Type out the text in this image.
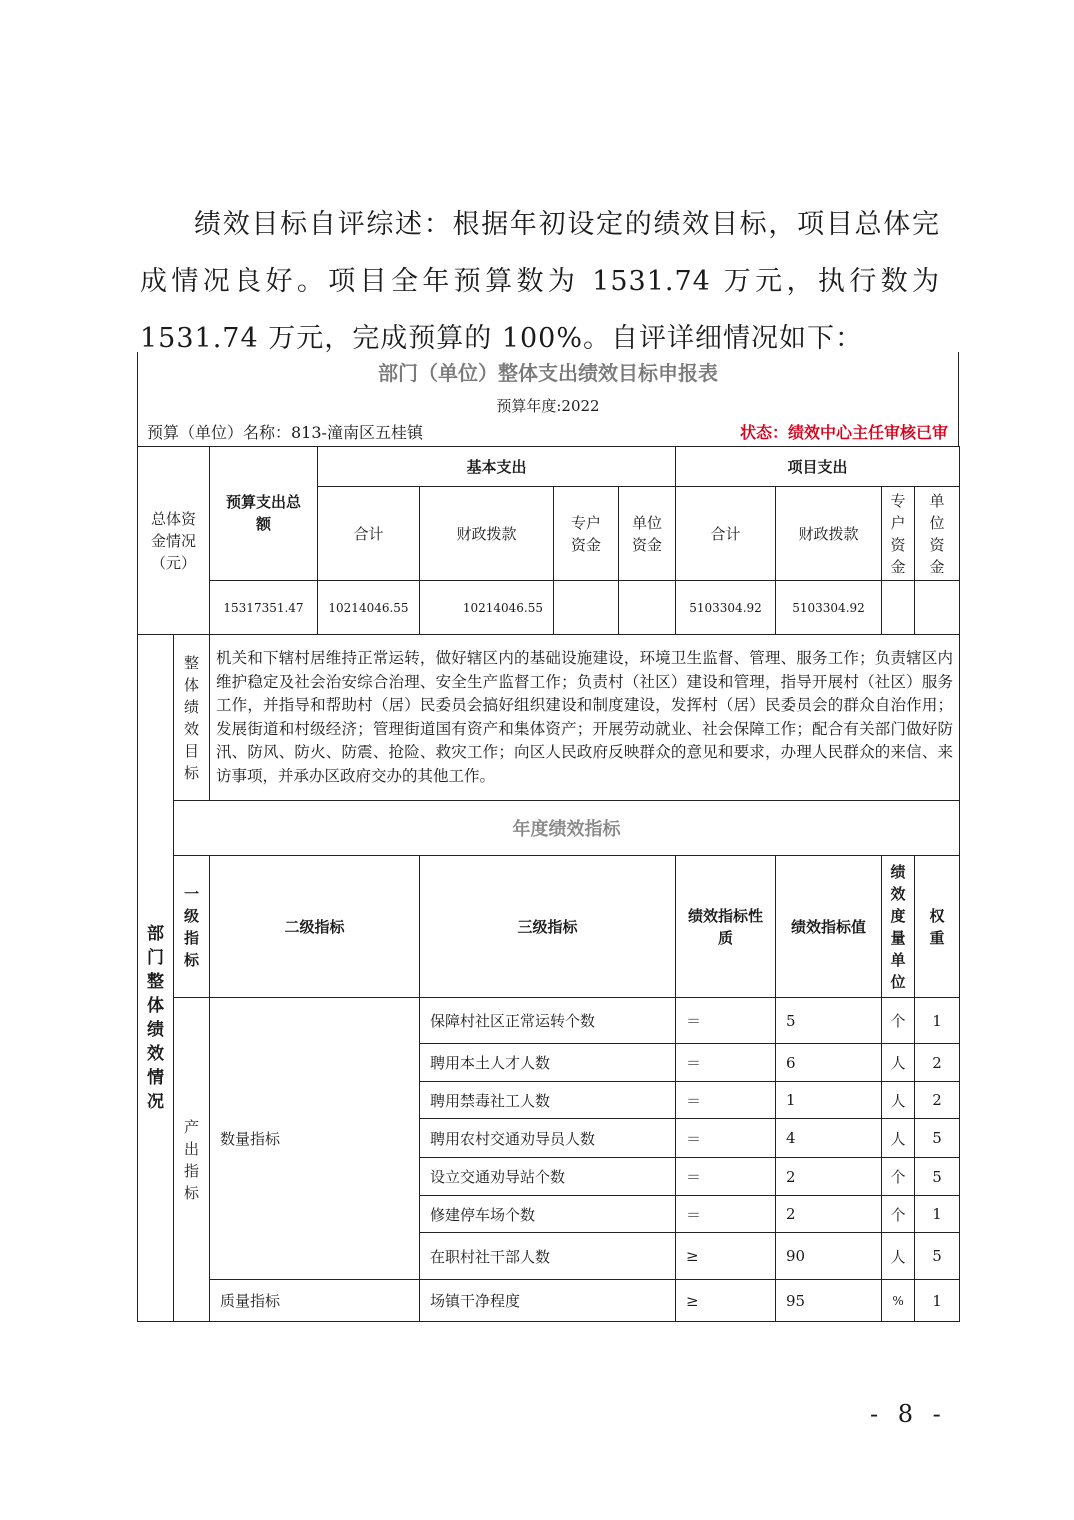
绩效目标自评综述：根据年初设定的绩效目标，项目总体完成情况良好。项目全年预算数为 1531.74 万元，执行数为 1531.74 万元，完成预算的 100%。自评详细情况如下：

部门（单位）整体支出绩效目标申报表
预算年度:2022
预算（单位）名称：813-潼南区五桂镇	状态：绩效中心主任审核已审
总体资金情况（元）		预算支出总额	基本支出				项目支出			
			合计	财政拨款	专户资金	单位资金	合计	财政拨款	专户资金	单位资金

		15317351.47	10214046.55	10214046.55			5103304.92	5103304.92		

部门整体绩效情况	整体绩效目标	机关和下辖村居维持正常运转，做好辖区内的基础设施建设，环境卫生监督、管理、服务工作；负责辖区内维护稳定及社会治安综合治理、安全生产监督工作；负责村（社区）建设和管理，指导开展村（社区）服务工作，并指导和帮助村（居）民委员会搞好组织建设和制度建设，发挥村（居）民委员会的群众自治作用；发展街道和村级经济；管理街道国有资产和集体资产；开展劳动就业、社会保障工作；配合有关部门做好防汛、防风、防火、防震、抢险、救灾工作；向区人民政府反映群众的意见和要求，办理人民群众的来信、来访事项，并承办区政府交办的其他工作。								
	年度绩效指标									

	一级指标	二级指标		三级指标			绩效指标性质	绩效指标值	绩效度量单位	权重

	产出指标	数量指标		保障村社区正常运转个数			＝	5	个	1
				聘用本土人才人数			＝	6	人	2
				聘用禁毒社工人数			＝	1	人	2
				聘用农村交通劝导员人数			＝	4	人	5
				设立交通劝导站个数			＝	2	个	5
				修建停车场个数			＝	2	个	1
				在职村社干部人数			≥	90	人	5
		质量指标		场镇干净程度			≥	95	%	1
- 8 -
